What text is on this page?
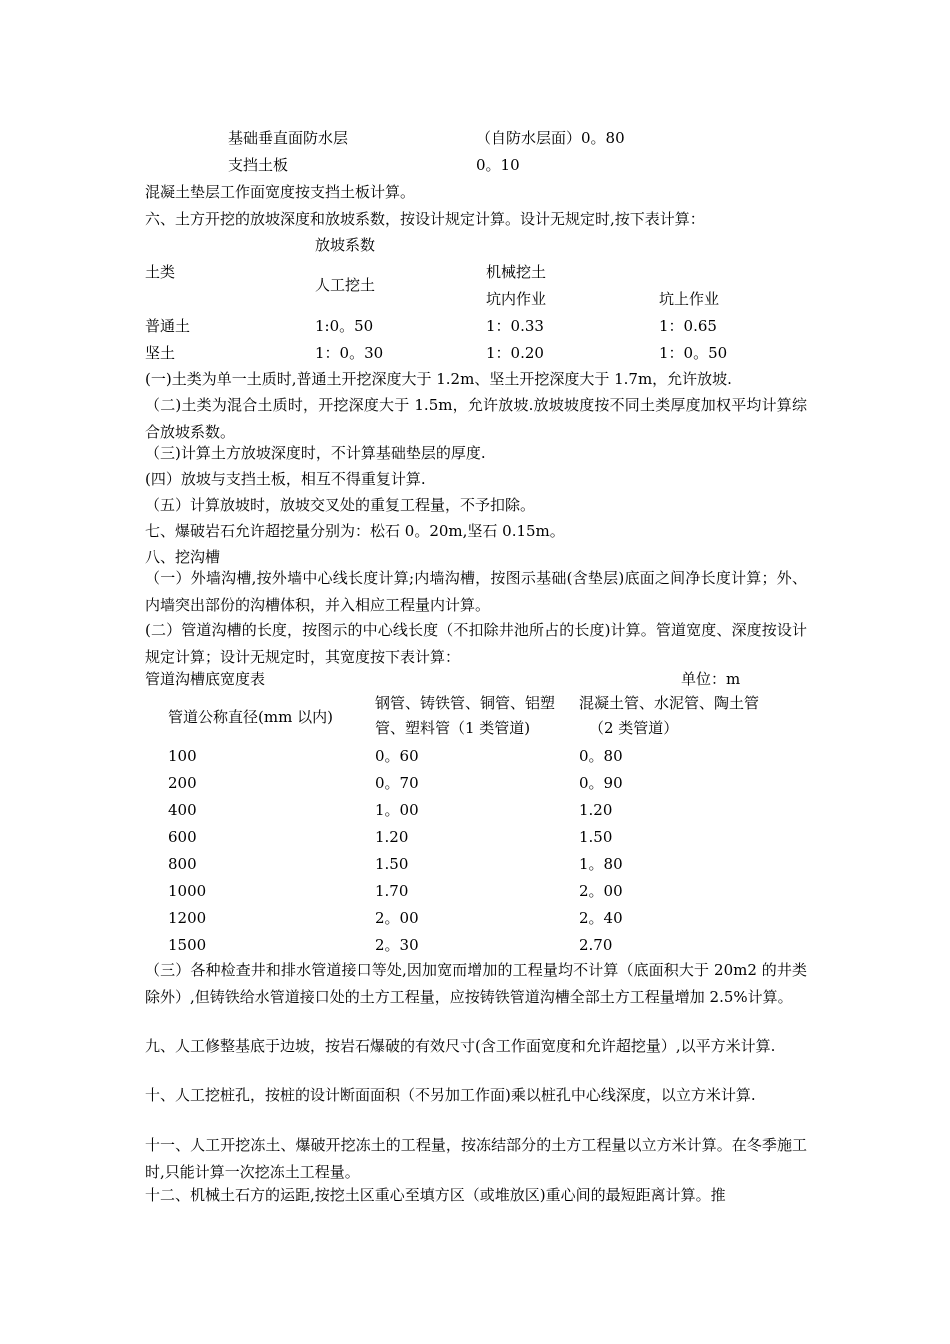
基础垂直面防水层	（自防水层面）0。80
支挡土板	0。10
混凝土垫层工作面宽度按支挡土板计算。
六、土方开挖的放坡深度和放坡系数，按设计规定计算。设计无规定时,按下表计算：
放坡系数
土类
人工挖土
机械挖土
坑内作业	坑上作业
普通土	1:0。50	1：0.33	1：0.65
坚土	1：0。30	1：0.20	1：0。50
(一)土类为单一土质时,普通土开挖深度大于 1.2m、坚土开挖深度大于 1.7m，允许放坡.
（二)土类为混合土质时，开挖深度大于 1.5m，允许放坡.放坡坡度按不同土类厚度加权平均计算综合放坡系数。
（三)计算土方放坡深度时，不计算基础垫层的厚度.
(四）放坡与支挡土板，相互不得重复计算.
（五）计算放坡时，放坡交叉处的重复工程量，不予扣除。
七、爆破岩石允许超挖量分别为：松石 0。20m,坚石 0.15m。
八、挖沟槽
（一）外墙沟槽,按外墙中心线长度计算;内墙沟槽，按图示基础(含垫层)底面之间净长度计算；外、内墙突出部份的沟槽体积，并入相应工程量内计算。
(二）管道沟槽的长度，按图示的中心线长度（不扣除井池所占的长度)计算。管道宽度、深度按设计规定计算；设计无规定时，其宽度按下表计算：
管道沟槽底宽度表	单位：m
管道公称直径(mm 以内)
钢管、铸铁管、铜管、铝塑
管、塑料管（1 类管道)
混凝土管、水泥管、陶土管
（2 类管道）
100	0。60	0。80
200	0。70	0。90
400	1。00	1.20
600	1.20	1.50
800	1.50	1。80
1000	1.70	2。00
1200	2。00	2。40
1500	2。30	2.70
（三）各种检查井和排水管道接口等处,因加宽而增加的工程量均不计算（底面积大于 20m2 的井类除外）,但铸铁给水管道接口处的土方工程量，应按铸铁管道沟槽全部土方工程量增加 2.5%计算。
九、人工修整基底于边坡，按岩石爆破的有效尺寸(含工作面宽度和允许超挖量）,以平方米计算.
十、人工挖桩孔，按桩的设计断面面积（不另加工作面)乘以桩孔中心线深度，以立方米计算.
十一、人工开挖冻土、爆破开挖冻土的工程量，按冻结部分的土方工程量以立方米计算。在冬季施工时,只能计算一次挖冻土工程量。
十二、机械土石方的运距,按挖土区重心至填方区（或堆放区)重心间的最短距离计算。推
